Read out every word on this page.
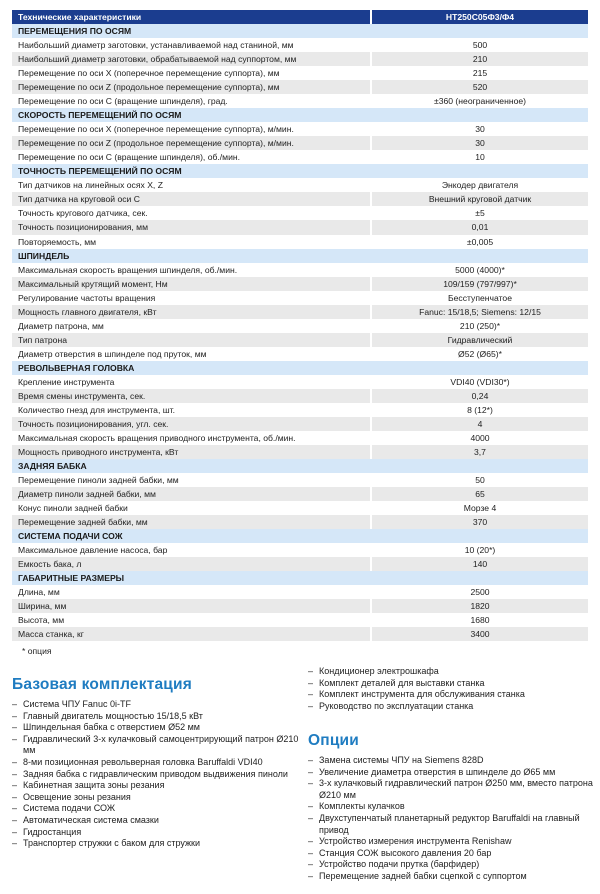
Технические характеристики	HT250C05Ф3/Ф4
ПЕРЕМЕЩЕНИЯ ПО ОСЯМ	
Наибольший диаметр заготовки, устанавливаемой над станиной, мм	500
Наибольший диаметр заготовки, обрабатываемой над суппортом, мм	210
Перемещение по оси X (поперечное перемещение суппорта), мм	215
Перемещение по оси Z (продольное перемещение суппорта), мм	520
Перемещение по оси C (вращение шпинделя), град.	±360 (неограниченное)
СКОРОСТЬ ПЕРЕМЕЩЕНИЙ ПО ОСЯМ	
Перемещение по оси X (поперечное перемещение суппорта), м/мин.	30
Перемещение по оси Z (продольное перемещение суппорта), м/мин.	30
Перемещение по оси C (вращение шпинделя), об./мин.	10
ТОЧНОСТЬ ПЕРЕМЕЩЕНИЙ ПО ОСЯМ	
Тип датчиков на линейных осях X, Z	Энкодер двигателя
Тип датчика на круговой оси C	Внешний круговой датчик
Точность кругового датчика, сек.	±5
Точность позиционирования, мм	0,01
Повторяемость, мм	±0,005
ШПИНДЕЛЬ	
Максимальная скорость вращения шпинделя, об./мин.	5000 (4000)*
Максимальный крутящий момент, Нм	109/159 (797/997)*
Регулирование частоты вращения	Бесступенчатое
Мощность главного двигателя, кВт	Fanuc: 15/18,5; Siemens: 12/15
Диаметр патрона, мм	210 (250)*
Тип патрона	Гидравлический
Диаметр отверстия в шпинделе под пруток, мм	Ø52 (Ø65)*
РЕВОЛЬВЕРНАЯ ГОЛОВКА	
Крепление инструмента	VDI40 (VDI30*)
Время смены инструмента, сек.	0,24
Количество гнезд для инструмента, шт.	8 (12*)
Точность позиционирования, угл. сек.	4
Максимальная скорость вращения приводного инструмента, об./мин.	4000
Мощность приводного инструмента, кВт	3,7
ЗАДНЯЯ БАБКА	
Перемещение пиноли задней бабки, мм	50
Диаметр пиноли задней бабки, мм	65
Конус пиноли задней бабки	Морзе 4
Перемещение задней бабки, мм	370
СИСТЕМА ПОДАЧИ СОЖ	
Максимальное давление насоса, бар	10 (20*)
Емкость бака, л	140
ГАБАРИТНЫЕ РАЗМЕРЫ	
Длина, мм	2500
Ширина, мм	1820
Высота, мм	1680
Масса станка, кг	3400
* опция
Базовая комплектация
– Система ЧПУ Fanuc 0i-TF
– Главный двигатель мощностью 15/18,5 кВт
– Шпиндельная бабка с отверстием Ø52 мм
– Гидравлический 3-х кулачковый самоцентрирующий патрон Ø210 мм
– 8-ми позиционная револьверная головка Baruffaldi VDI40
– Задняя бабка с гидравлическим приводом выдвижения пиноли
– Кабинетная защита зоны резания
– Освещение зоны резания
– Система подачи СОЖ
– Автоматическая система смазки
– Гидростанция
– Транспортер стружки с баком для стружки
– Кондиционер электрошкафа
– Комплект деталей для выставки станка
– Комплект инструмента для обслуживания станка
– Руководство по эксплуатации станка
Опции
– Замена системы ЧПУ на Siemens 828D
– Увеличение диаметра отверстия в шпинделе до Ø65 мм
– 3-х кулачковый гидравлический патрон Ø250 мм, вместо патрона Ø210 мм
– Комплекты кулачков
– Двухступенчатый планетарный редуктор Baruffaldi на главный привод
– Устройство измерения инструмента Renishaw
– Станция СОЖ высокого давления 20 бар
– Устройство подачи прутка (барфидер)
– Перемещение задней бабки сцепкой с суппортом
